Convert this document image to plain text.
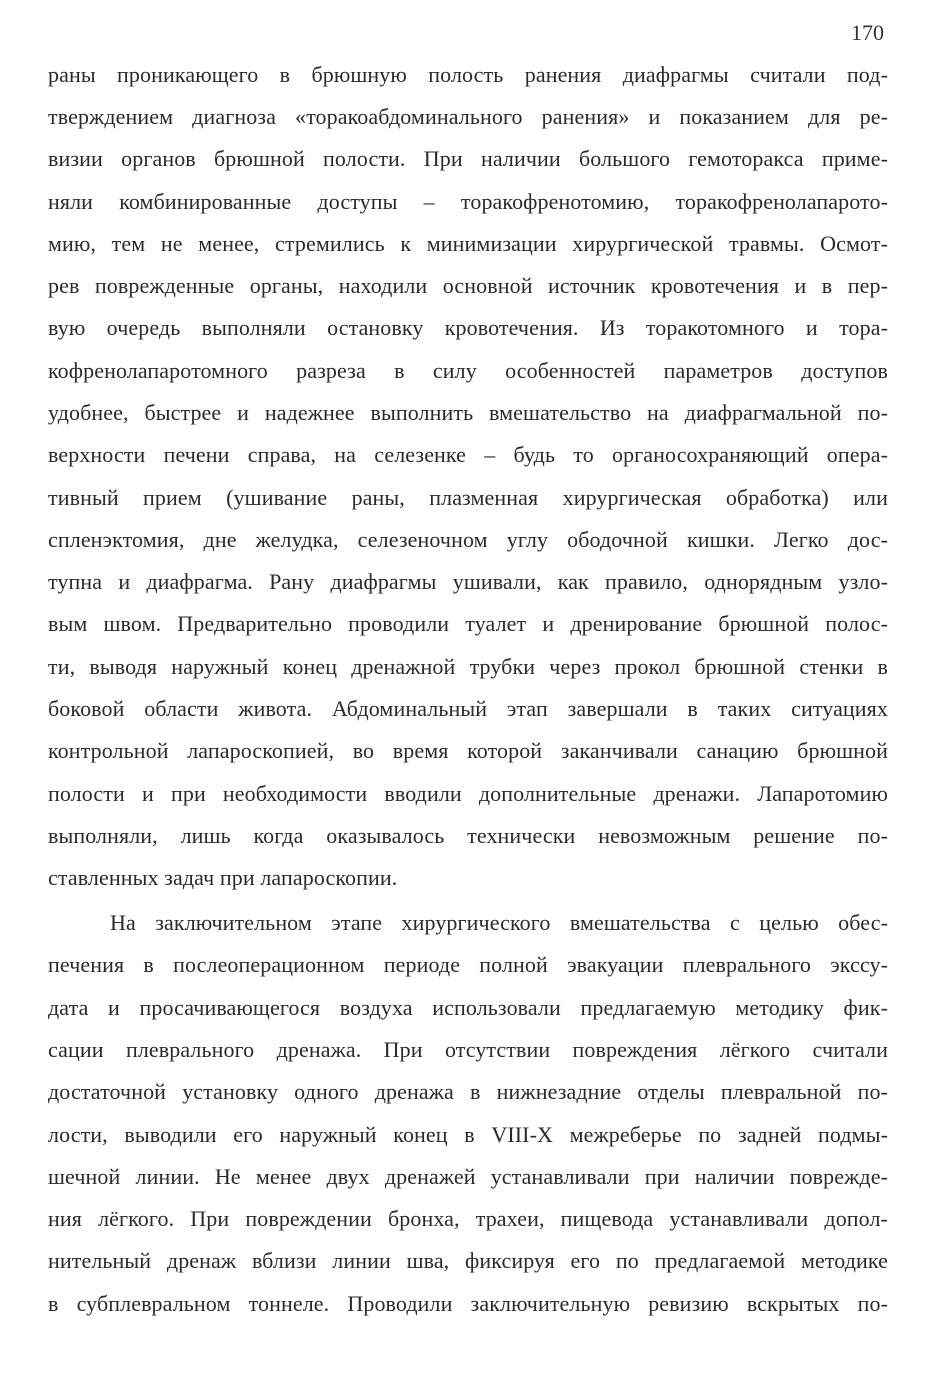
170
раны проникающего в брюшную полость ранения диафрагмы считали под-
тверждением диагноза «торакоабдоминального ранения» и показанием для ре-
визии органов брюшной полости. При наличии большого гемоторакса приме-
няли комбинированные доступы – торакофренотомию, торакофренолапарото-
мию, тем не менее, стремились к минимизации хирургической травмы. Осмот-
рев поврежденные органы, находили основной источник кровотечения и в пер-
вую очередь выполняли остановку кровотечения. Из торакотомного и тора-
кофренолапаротомного разреза в силу особенностей параметров доступов
удобнее, быстрее и надежнее выполнить вмешательство на диафрагмальной по-
верхности печени справа, на селезенке – будь то органосохраняющий опера-
тивный прием (ушивание раны, плазменная хирургическая обработка) или
спленэктомия, дне желудка, селезеночном углу ободочной кишки. Легко дос-
тупна и диафрагма. Рану диафрагмы ушивали, как правило, однорядным узло-
вым швом. Предварительно проводили туалет и дренирование брюшной полос-
ти, выводя наружный конец дренажной трубки через прокол брюшной стенки в
боковой области живота. Абдоминальный этап завершали в таких ситуациях
контрольной лапароскопией, во время которой заканчивали санацию брюшной
полости и при необходимости вводили дополнительные дренажи. Лапаротомию
выполняли, лишь когда оказывалось технически невозможным решение по-
ставленных задач при лапароскопии.
На заключительном этапе хирургического вмешательства с целью обес-
печения в послеоперационном периоде полной эвакуации плеврального экссу-
дата и просачивающегося воздуха использовали предлагаемую методику фик-
сации плеврального дренажа. При отсутствии повреждения лёгкого считали
достаточной установку одного дренажа в нижнезадние отделы плевральной по-
лости, выводили его наружный конец в VIII-X межреберье по задней подмы-
шечной линии. Не менее двух дренажей устанавливали при наличии поврежде-
ния лёгкого. При повреждении бронха, трахеи, пищевода устанавливали допол-
нительный дренаж вблизи линии шва, фиксируя его по предлагаемой методике
в субплевральном тоннеле. Проводили заключительную ревизию вскрытых по-
